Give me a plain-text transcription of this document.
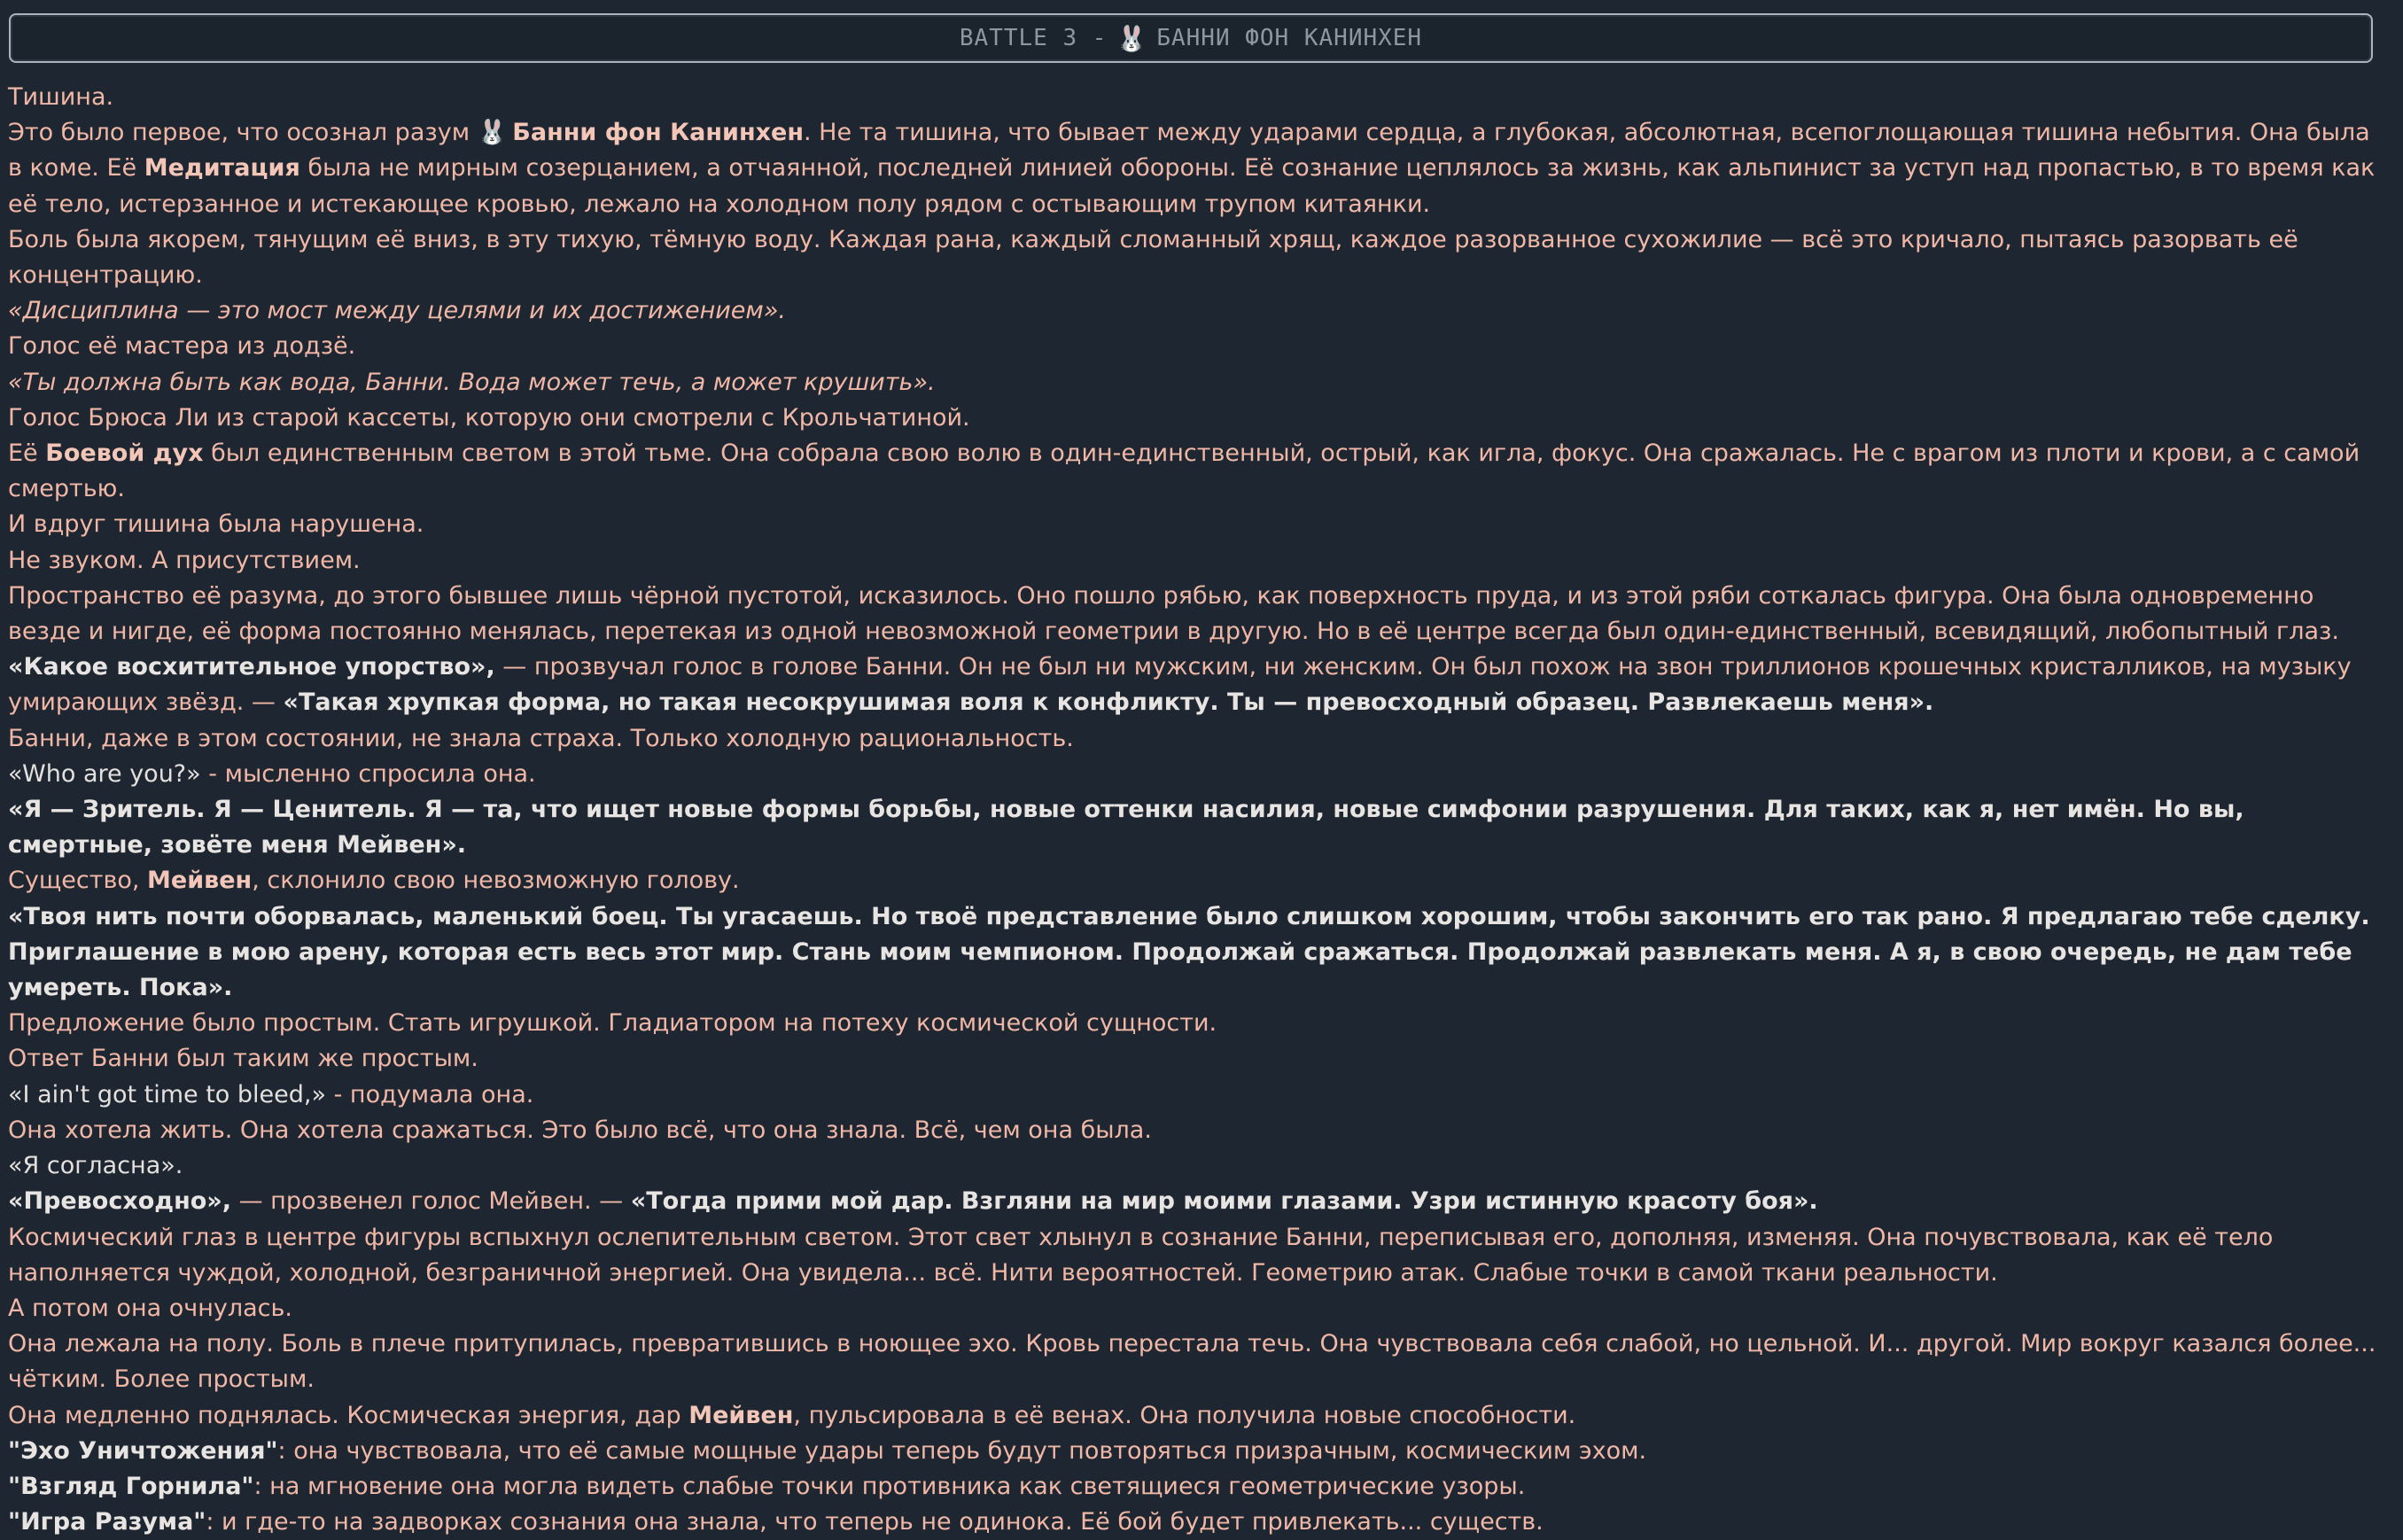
BATTLE 3 - 🐰 БАННИ ФОН КАНИНХЕН

Тишина.

Это было первое, что осознал разум 🐰 Банни фон Канинхен. Не та тишина, что бывает между ударами сердца, а глубокая, абсолютная, всепоглощающая тишина небытия. Она была в коме. Её Медитация была не мирным созерцанием, а отчаянной, последней линией обороны. Её сознание цеплялось за жизнь, как альпинист за уступ над пропастью, в то время как её тело, истерзанное и истекающее кровью, лежало на холодном полу рядом с остывающим трупом китаянки.

Боль была якорем, тянущим её вниз, в эту тихую, тёмную воду. Каждая рана, каждый сломанный хрящ, каждое разорванное сухожилие — всё это кричало, пытаясь разорвать её концентрацию.

«Дисциплина — это мост между целями и их достижением».

Голос её мастера из додзё.

«Ты должна быть как вода, Банни. Вода может течь, а может крушить».

Голос Брюса Ли из старой кассеты, которую они смотрели с Крольчатиной.

Её Боевой дух был единственным светом в этой тьме. Она собрала свою волю в один-единственный, острый, как игла, фокус. Она сражалась. Не с врагом из плоти и крови, а с самой смертью.

И вдруг тишина была нарушена.

Не звуком. А присутствием.

Пространство её разума, до этого бывшее лишь чёрной пустотой, исказилось. Оно пошло рябью, как поверхность пруда, и из этой ряби соткалась фигура. Она была одновременно везде и нигде, её форма постоянно менялась, перетекая из одной невозможной геометрии в другую. Но в её центре всегда был один-единственный, всевидящий, любопытный глаз.

«Какое восхитительное упорство», — прозвучал голос в голове Банни. Он не был ни мужским, ни женским. Он был похож на звон триллионов крошечных кристалликов, на музыку умирающих звёзд. — «Такая хрупкая форма, но такая несокрушимая воля к конфликту. Ты — превосходный образец. Развлекаешь меня».

Банни, даже в этом состоянии, не знала страха. Только холодную рациональность.

«Who are you?» - мысленно спросила она.

«Я — Зритель. Я — Ценитель. Я — та, что ищет новые формы борьбы, новые оттенки насилия, новые симфонии разрушения. Для таких, как я, нет имён. Но вы, смертные, зовёте меня Мейвен».

Существо, Мейвен, склонило свою невозможную голову.

«Твоя нить почти оборвалась, маленький боец. Ты угасаешь. Но твоё представление было слишком хорошим, чтобы закончить его так рано. Я предлагаю тебе сделку. Приглашение в мою арену, которая есть весь этот мир. Стань моим чемпионом. Продолжай сражаться. Продолжай развлекать меня. А я, в свою очередь, не дам тебе умереть. Пока».

Предложение было простым. Стать игрушкой. Гладиатором на потеху космической сущности.

Ответ Банни был таким же простым.

«I ain't got time to bleed,» - подумала она.

Она хотела жить. Она хотела сражаться. Это было всё, что она знала. Всё, чем она была.

«Я согласна».

«Превосходно», — прозвенел голос Мейвен. — «Тогда прими мой дар. Взгляни на мир моими глазами. Узри истинную красоту боя».

Космический глаз в центре фигуры вспыхнул ослепительным светом. Этот свет хлынул в сознание Банни, переписывая его, дополняя, изменяя. Она почувствовала, как её тело наполняется чуждой, холодной, безграничной энергией. Она увидела... всё. Нити вероятностей. Геометрию атак. Слабые точки в самой ткани реальности.

А потом она очнулась.

Она лежала на полу. Боль в плече притупилась, превратившись в ноющее эхо. Кровь перестала течь. Она чувствовала себя слабой, но цельной. И... другой. Мир вокруг казался более... чётким. Более простым.

Она медленно поднялась. Космическая энергия, дар Мейвен, пульсировала в её венах. Она получила новые способности.

"Эхо Уничтожения": она чувствовала, что её самые мощные удары теперь будут повторяться призрачным, космическим эхом.

"Взгляд Горнила": на мгновение она могла видеть слабые точки противника как светящиеся геометрические узоры.

"Игра Разума": и где-то на задворках сознания она знала, что теперь не одинока. Её бой будет привлекать... существ.
